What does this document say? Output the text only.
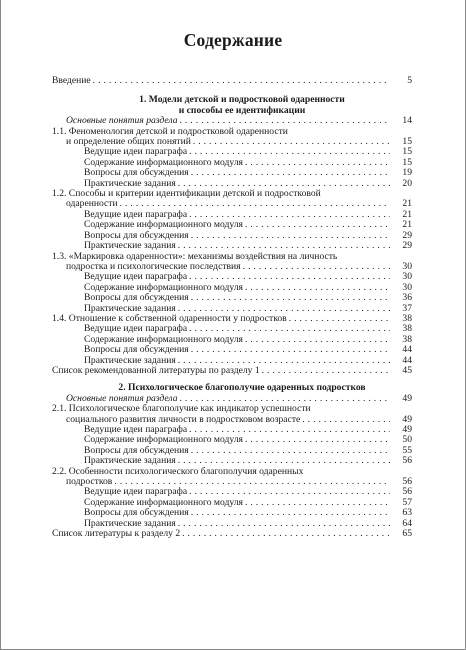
Содержание
Введение . . .	5
1. Модели детской и подростковой одаренности
и способы ее идентификации
Основные понятия раздела . . .	14
1.1. Феноменология детской и подростковой одаренности
и определение общих понятий . . .	15
Ведущие идеи параграфа . . .	15
Содержание информационного модуля . . .	15
Вопросы для обсуждения . . .	19
Практические задания . . .	20
1.2. Способы и критерии идентификации детской и подростковой
одаренности . . .	21
Ведущие идеи параграфа . . .	21
Содержание информационного модуля . . .	21
Вопросы для обсуждения . . .	29
Практические задания . . .	29
1.3. «Маркировка одаренности»: механизмы воздействия на личность
подростка и психологические последствия . . .	30
Ведущие идеи параграфа . . .	30
Содержание информационного модуля . . .	30
Вопросы для обсуждения . . .	36
Практические задания . . .	37
1.4. Отношение к собственной одаренности у подростков . . .	38
Ведущие идеи параграфа . . .	38
Содержание информационного модуля . . .	38
Вопросы для обсуждения . . .	44
Практические задания . . .	44
Список рекомендованной литературы по разделу 1 . . .	45
2. Психологическое благополучие одаренных подростков
Основные понятия раздела . . .	49
2.1. Психологическое благополучие как индикатор успешности
социального развития личности в подростковом возрасте . . .	49
Ведущие идеи параграфа . . .	49
Содержание информационного модуля . . .	50
Вопросы для обсуждения . . .	55
Практические задания . . .	56
2.2. Особенности психологического благополучия одаренных
подростков . . .	56
Ведущие идеи параграфа . . .	56
Содержание информационного модуля . . .	57
Вопросы для обсуждения . . .	63
Практические задания . . .	64
Список литературы к разделу 2 . . .	65
